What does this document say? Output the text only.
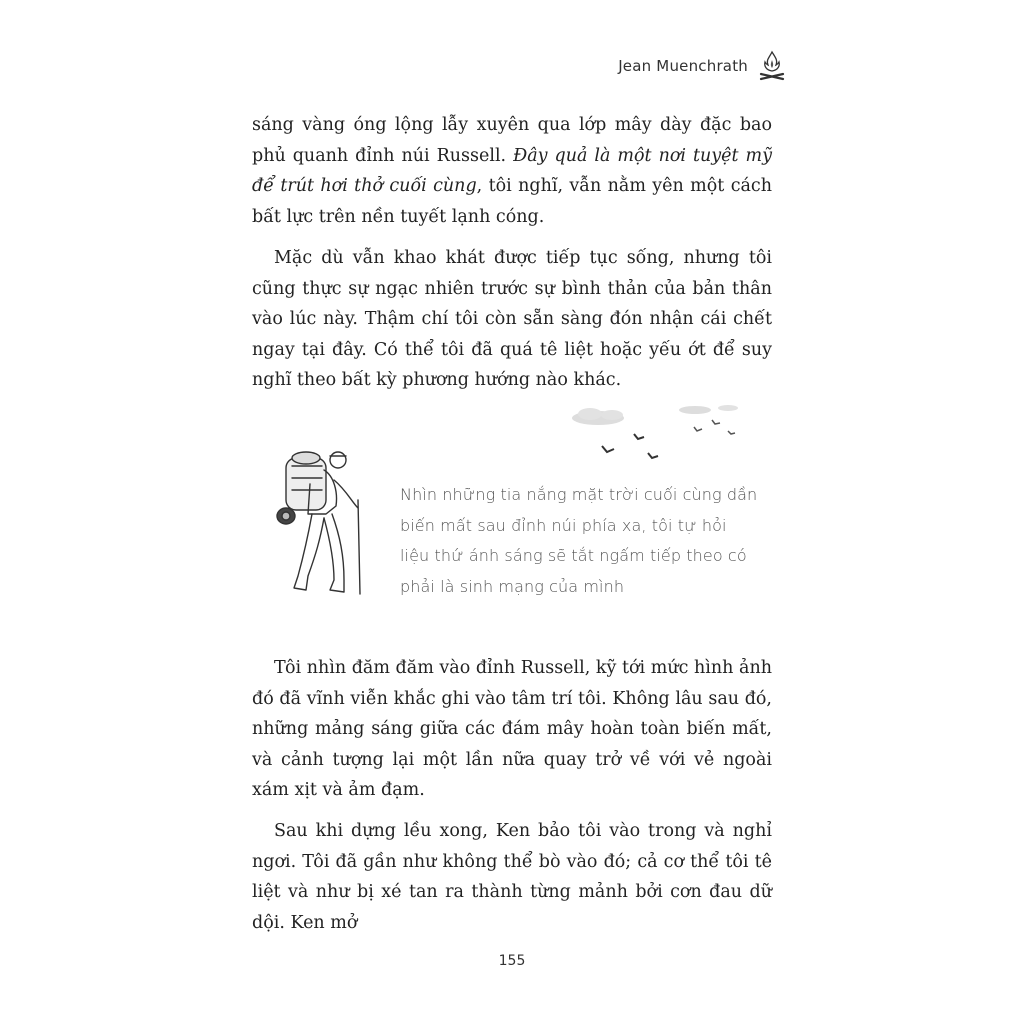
Jean Muenchrath

sáng vàng óng lộng lẫy xuyên qua lớp mây dày đặc bao phủ quanh đỉnh núi Russell. Đây quả là một nơi tuyệt mỹ để trút hơi thở cuối cùng, tôi nghĩ, vẫn nằm yên một cách bất lực trên nền tuyết lạnh cóng.

Mặc dù vẫn khao khát được tiếp tục sống, nhưng tôi cũng thực sự ngạc nhiên trước sự bình thản của bản thân vào lúc này. Thậm chí tôi còn sẵn sàng đón nhận cái chết ngay tại đây. Có thể tôi đã quá tê liệt hoặc yếu ớt để suy nghĩ theo bất kỳ phương hướng nào khác.

Nhìn những tia nắng mặt trời cuối cùng dần biến mất sau đỉnh núi phía xa, tôi tự hỏi liệu thứ ánh sáng sẽ tắt ngấm tiếp theo có phải là sinh mạng của mình

Tôi nhìn đăm đăm vào đỉnh Russell, kỹ tới mức hình ảnh đó đã vĩnh viễn khắc ghi vào tâm trí tôi. Không lâu sau đó, những mảng sáng giữa các đám mây hoàn toàn biến mất, và cảnh tượng lại một lần nữa quay trở về với vẻ ngoài xám xịt và ảm đạm.

Sau khi dựng lều xong, Ken bảo tôi vào trong và nghỉ ngơi. Tôi đã gần như không thể bò vào đó; cả cơ thể tôi tê liệt và như bị xé tan ra thành từng mảnh bởi cơn đau dữ dội. Ken mở

155
